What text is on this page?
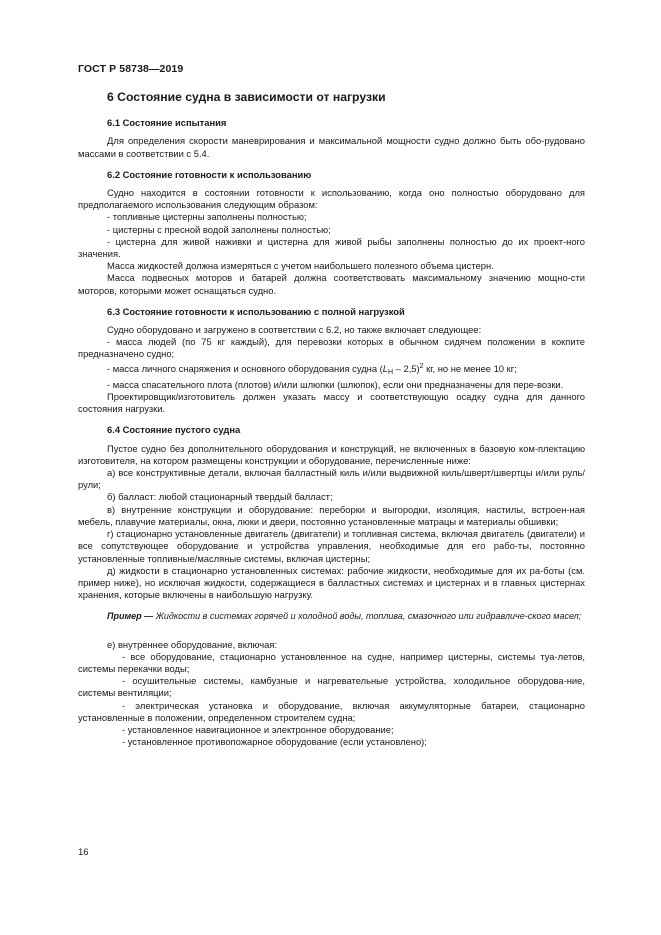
ГОСТ Р 58738—2019
6 Состояние судна в зависимости от нагрузки
6.1 Состояние испытания

Для определения скорости маневрирования и максимальной мощности судно должно быть обо-рудовано массами в соответствии с 5.4.

6.2 Состояние готовности к использованию

Судно находится в состоянии готовности к использованию, когда оно полностью оборудовано для предполагаемого использования следующим образом:

- топливные цистерны заполнены полностью;

- цистерны с пресной водой заполнены полностью;

- цистерна для живой наживки и цистерна для живой рыбы заполнены полностью до их проект-ного значения.

Масса жидкостей должна измеряться с учетом наибольшего полезного объема цистерн.

Масса подвесных моторов и батарей должна соответствовать максимальному значению мощно-сти моторов, которыми может оснащаться судно.

6.3 Состояние готовности к использованию с полной нагрузкой

Судно оборудовано и загружено в соответствии с 6.2, но также включает следующее:

- масса людей (по 75 кг каждый), для перевозки которых в обычном сидячем положении в кокпите предназначено судно;

- масса личного снаряжения и основного оборудования судна $(L_H - 2,5)^2$ кг, но не менее 10 кг;

- масса спасательного плота (плотов) и/или шлюпки (шлюпок), если они предназначены для пере-возки.

Проектировщик/изготовитель должен указать массу и соответствующую осадку судна для данного состояния нагрузки.

6.4 Состояние пустого судна

Пустое судно без дополнительного оборудования и конструкций, не включенных в базовую ком-плектацию изготовителя, на котором размещены конструкции и оборудование, перечисленные ниже:

а) все конструктивные детали, включая балластный киль и/или выдвижной киль/шверт/швертцы и/или руль/рули;

б) балласт: любой стационарный твердый балласт;

в) внутренние конструкции и оборудование: переборки и выгородки, изоляция, настилы, встроен-ная мебель, плавучие материалы, окна, люки и двери, постоянно установленные матрацы и материалы обшивки;

г) стационарно установленные двигатель (двигатели) и топливная система, включая двигатель (двигатели) и все сопутствующее оборудование и устройства управления, необходимые для его рабо-ты, постоянно установленные топливные/масляные системы, включая цистерны;

д) жидкости в стационарно установленных системах: рабочие жидкости, необходимые для их ра-боты (см. пример ниже), но исключая жидкости, содержащиеся в балластных системах и цистернах и в главных цистернах хранения, которые включены в наибольшую нагрузку.

Пример — Жидкости в системах горячей и холодной воды, топлива, смазочного или гидравличе-ского масел;

е) внутреннее оборудование, включая:

- все оборудование, стационарно установленное на судне, например цистерны, системы туа-летов, системы перекачки воды;

- осушительные системы, камбузные и нагревательные устройства, холодильное оборудова-ние, системы вентиляции;

- электрическая установка и оборудование, включая аккумуляторные батареи, стационарно установленные в положении, определенном строителем судна;

- установленное навигационное и электронное оборудование;

- установленное противопожарное оборудование (если установлено);

16
